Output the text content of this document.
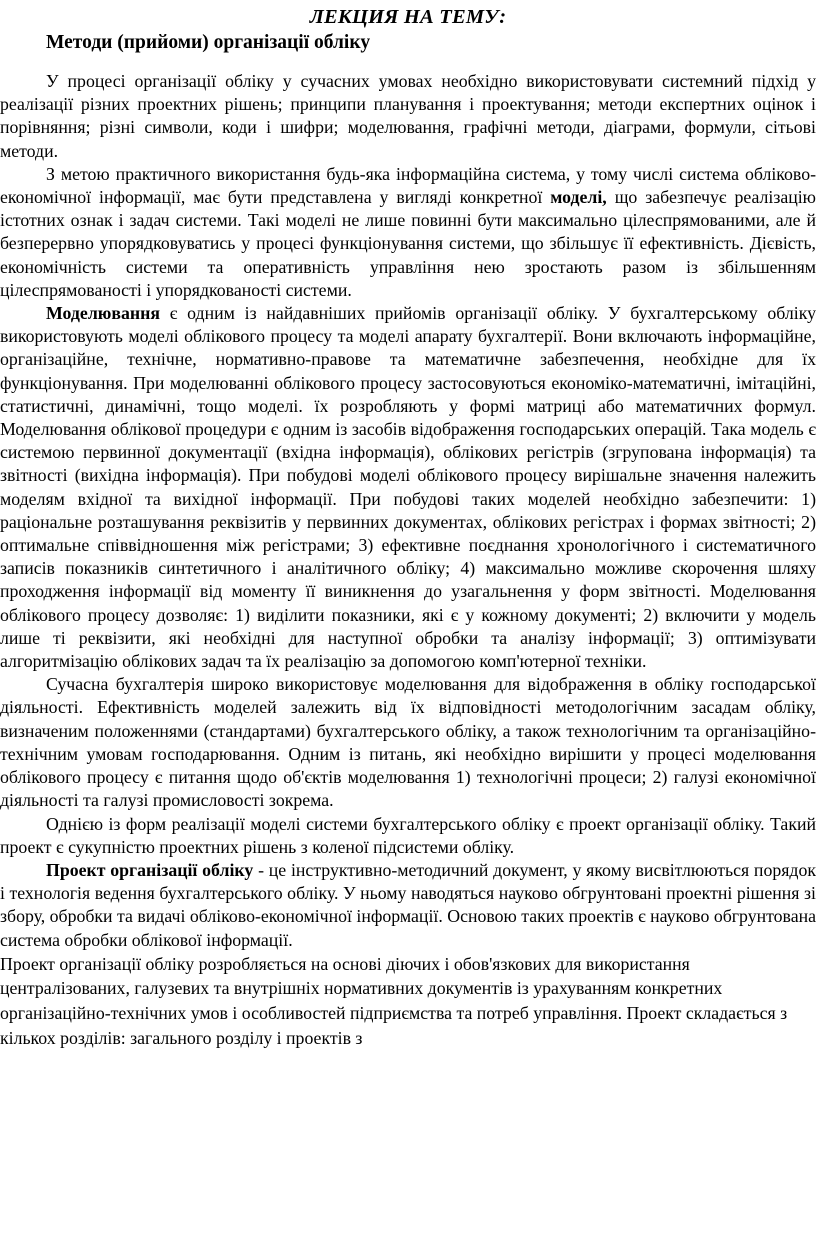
ЛЕКЦИЯ НА ТЕМУ:
Методи (прийоми) організації обліку

У процесі організації обліку у сучасних умовах необхідно використовувати системний підхід у реалізації різних проектних рішень; принципи планування і проектування; методи експертних оцінок і порівняння; різні символи, коди і шифри; моделювання, графічні методи, діаграми, формули, сітьові методи.

З метою практичного використання будь-яка інформаційна система, у тому числі система обліково-економічної інформації, має бути представлена у вигляді конкретної моделі, що забезпечує реалізацію істотних ознак і задач системи. Такі моделі не лише повинні бути максимально цілеспрямованими, але й безперервно упорядковуватись у процесі функціонування системи, що збільшує її ефективність. Дієвість, економічність системи та оперативність управління нею зростають разом із збільшенням цілеспрямованості і упорядкованості системи.

Моделювання є одним із найдавніших прийомів організації обліку. У бухгалтерському обліку використовують моделі облікового процесу та моделі апарату бухгалтерії. Вони включають інформаційне, організаційне, технічне, нормативно-правове та математичне забезпечення, необхідне для їх функціонування. При моделюванні облікового процесу застосовуються економіко-математичні, імітаційні, статистичні, динамічні, тощо моделі. їх розробляють у формі матриці або математичних формул. Моделювання облікової процедури є одним із засобів відображення господарських операцій. Така модель є системою первинної документації (вхідна інформація), облікових регістрів (згрупована інформація) та звітності (вихідна інформація). При побудові моделі облікового процесу вирішальне значення належить моделям вхідної та вихідної інформації. При побудові таких моделей необхідно забезпечити: 1) раціональне розташування реквізитів у первинних документах, облікових регістрах і формах звітності; 2) оптимальне співвідношення між регістрами; 3) ефективне поєднання хронологічного і систематичного записів показників синтетичного і аналітичного обліку; 4) максимально можливе скорочення шляху проходження інформації від моменту її виникнення до узагальнення у форм звітності. Моделювання облікового процесу дозволяє: 1) виділити показники, які є у кожному документі; 2) включити у модель лише ті реквізити, які необхідні для наступної обробки та аналізу інформації; 3) оптимізувати алгоритмізацію облікових задач та їх реалізацію за допомогою комп'ютерної техніки.

Сучасна бухгалтерія широко використовує моделювання для відображення в обліку господарської діяльності. Ефективність моделей залежить від їх відповідності методологічним засадам обліку, визначеним положеннями (стандартами) бухгалтерського обліку, а також технологічним та організаційно-технічним умовам господарювання. Одним із питань, які необхідно вирішити у процесі моделювання облікового процесу є питання щодо об'єктів моделювання 1) технологічні процеси; 2) галузі економічної діяльності та галузі промисловості зокрема.

Однією із форм реалізації моделі системи бухгалтерського обліку є проект організації обліку. Такий проект є сукупністю проектних рішень з коленої підсистеми обліку.

Проект організації обліку - це інструктивно-методичний документ, у якому висвітлюються порядок і технологія ведення бухгалтерського обліку. У ньому наводяться науково обгрунтовані проектні рішення зі збору, обробки та видачі обліково-економічної інформації. Основою таких проектів є науково обгрунтована система обробки облікової інформації.

Проект організації обліку розробляється на основі діючих і обов'язкових для використання централізованих, галузевих та внутрішніх нормативних документів із урахуванням конкретних організаційно-технічних умов і особливостей підприємства та потреб управління. Проект складається з кількох розділів: загального розділу і проектів з
